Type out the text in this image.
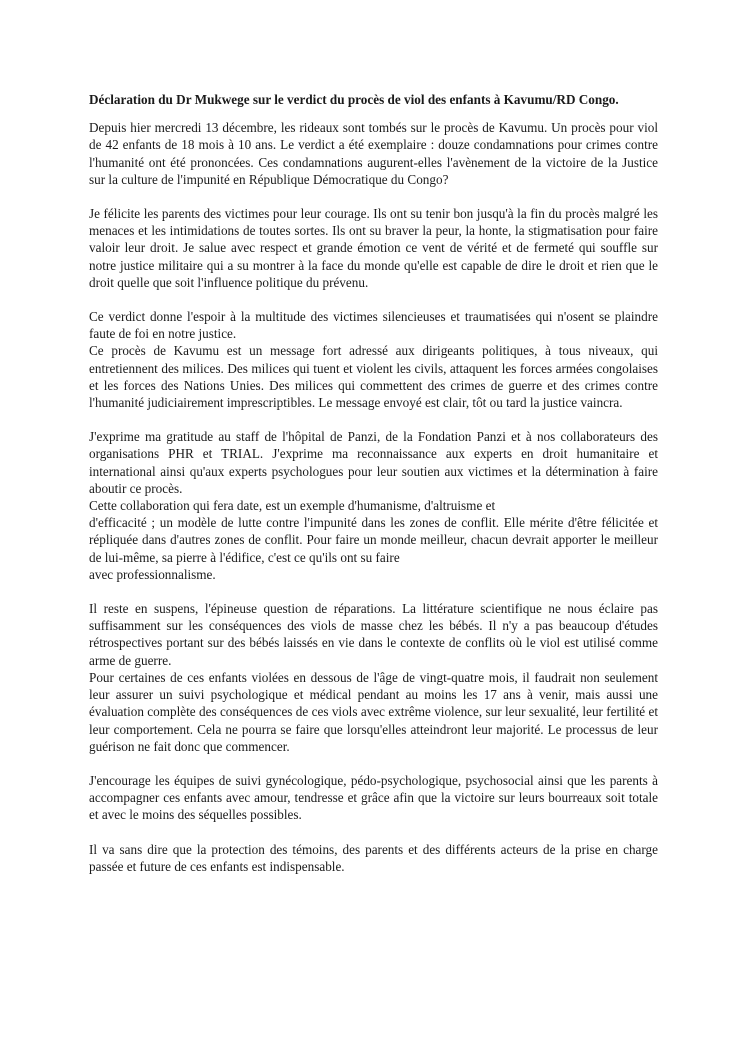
Déclaration du Dr Mukwege sur le verdict du procès de viol des enfants à Kavumu/RD Congo.
Depuis hier mercredi 13 décembre, les rideaux sont tombés sur le procès de Kavumu. Un procès pour viol de 42 enfants de 18 mois à 10 ans. Le verdict a été exemplaire : douze condamnations pour crimes contre l'humanité ont été prononcées. Ces condamnations augurent-elles l'avènement de la victoire de la Justice sur la culture de l'impunité en République Démocratique du Congo?
Je félicite les parents des victimes pour leur courage. Ils ont su tenir bon jusqu'à la fin du procès malgré les menaces et les intimidations de toutes sortes. Ils ont su braver la peur, la honte, la stigmatisation pour faire valoir leur droit. Je salue avec respect et grande émotion ce vent de vérité et de fermeté qui souffle sur notre justice militaire qui a su montrer à la face du monde qu'elle est capable de dire le droit et rien que le droit quelle que soit l'influence politique du prévenu.
Ce verdict donne l'espoir à la multitude des victimes silencieuses et traumatisées qui n'osent se plaindre faute de foi en notre justice.
Ce procès de Kavumu est un message fort adressé aux dirigeants politiques, à tous niveaux, qui entretiennent des milices. Des milices qui tuent et violent les civils, attaquent les forces armées congolaises et les forces des Nations Unies. Des milices qui commettent des crimes de guerre et des crimes contre l'humanité judiciairement imprescriptibles. Le message envoyé est clair, tôt ou tard la justice vaincra.
J'exprime ma gratitude au staff de l'hôpital de Panzi, de la Fondation Panzi et à nos collaborateurs des organisations PHR et TRIAL. J'exprime ma reconnaissance aux experts en droit humanitaire et international ainsi qu'aux experts psychologues pour leur soutien aux victimes et la détermination à faire aboutir ce procès.
Cette collaboration qui fera date, est un exemple d'humanisme, d'altruisme et
d'efficacité ; un modèle de lutte contre l'impunité dans les zones de conflit. Elle mérite d'être félicitée et répliquée dans d'autres zones de conflit. Pour faire un monde meilleur, chacun devrait apporter le meilleur de lui-même, sa pierre à l'édifice, c'est ce qu'ils ont su faire
avec professionnalisme.
Il reste en suspens, l'épineuse question de réparations. La littérature scientifique ne nous éclaire pas suffisamment sur les conséquences des viols de masse chez les bébés. Il n'y a pas beaucoup d'études rétrospectives portant sur des bébés laissés en vie dans le contexte de conflits où le viol est utilisé comme arme de guerre.
Pour certaines de ces enfants violées en dessous de l'âge de vingt-quatre mois, il faudrait non seulement leur assurer un suivi psychologique et médical pendant au moins les 17 ans à venir, mais aussi une évaluation complète des conséquences de ces viols avec extrême violence, sur leur sexualité, leur fertilité et leur comportement. Cela ne pourra se faire que lorsqu'elles atteindront leur majorité. Le processus de leur guérison ne fait donc que commencer.
J'encourage les équipes de suivi gynécologique, pédo-psychologique, psychosocial ainsi que les parents à accompagner ces enfants avec amour, tendresse et grâce afin que la victoire sur leurs bourreaux soit totale et avec le moins des séquelles possibles.
Il va sans dire que la protection des témoins, des parents et des différents acteurs de la prise en charge passée et future de ces enfants est indispensable.
